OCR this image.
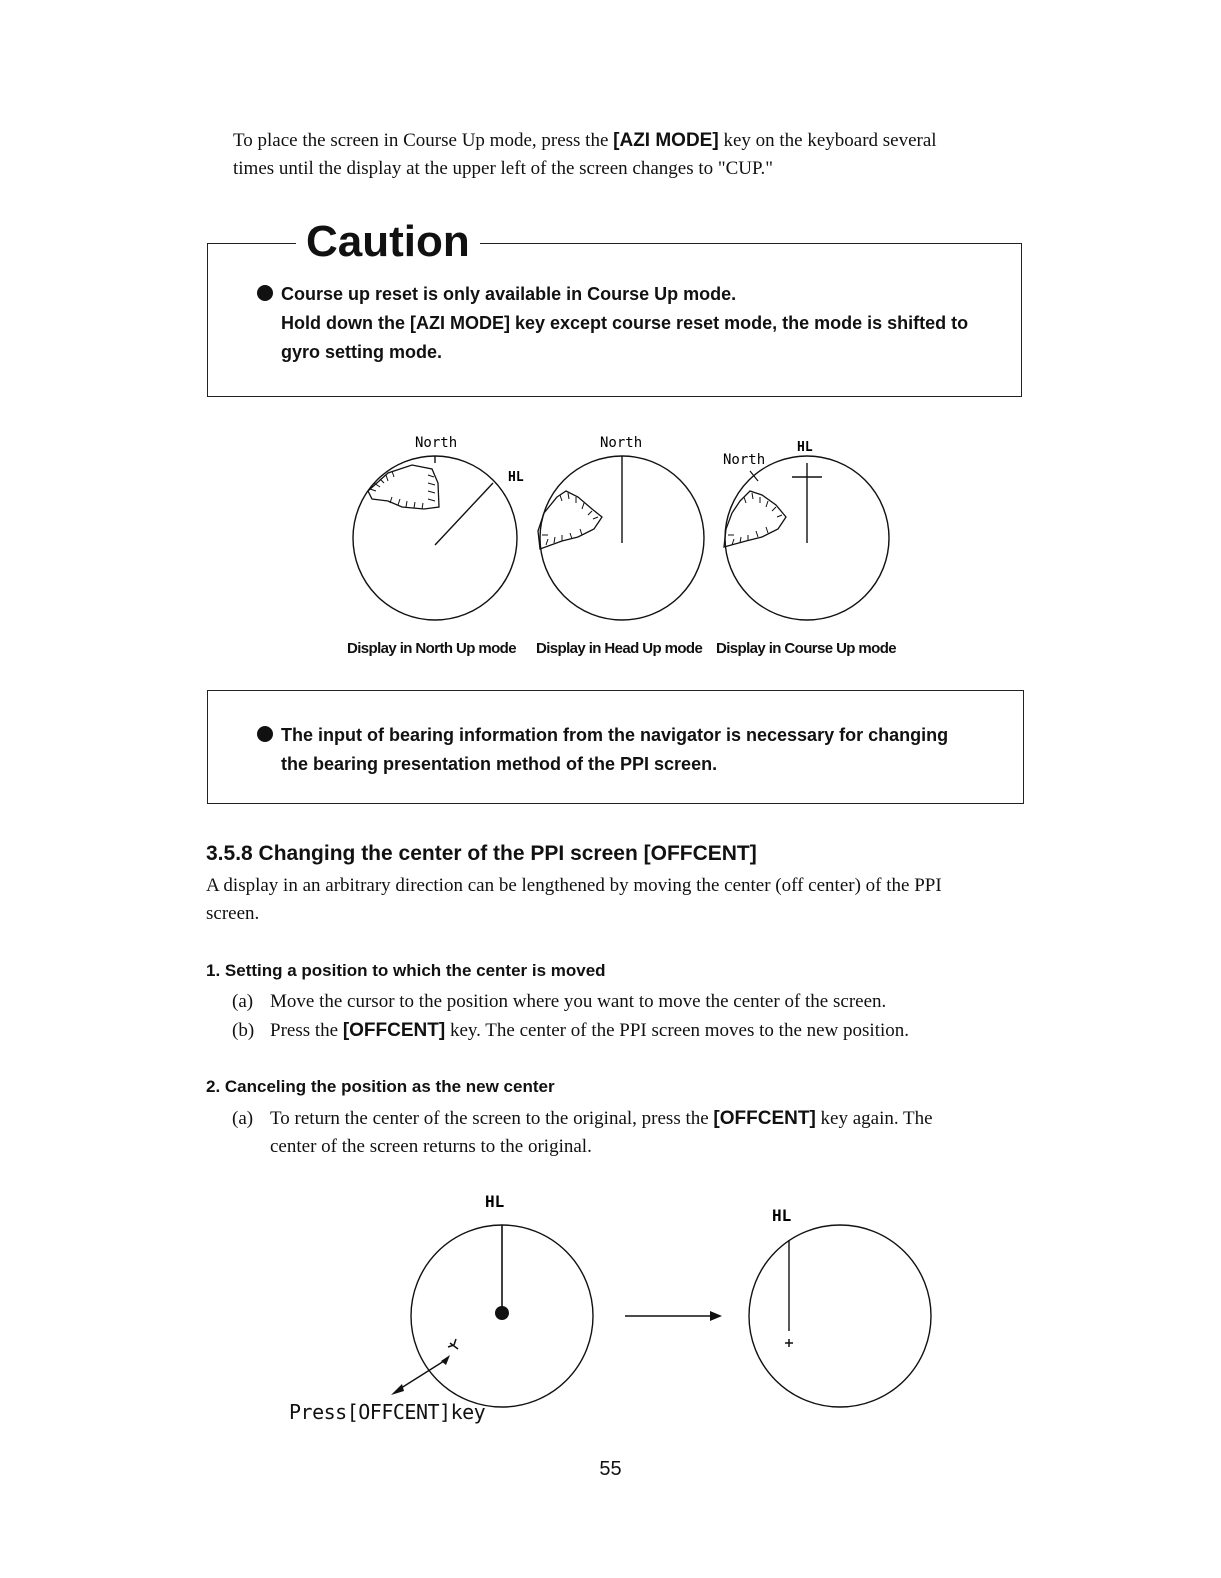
To place the screen in Course Up mode, press the [AZI MODE] key on the keyboard several
times until the display at the upper left of the screen changes to "CUP."
Caution
Course up reset is only available in Course Up mode.
Hold down the [AZI MODE] key except course reset mode, the mode is shifted to
gyro setting mode.
North
HL
North
North
HL
Display in North Up mode Display in Head Up mode Display in Course Up mode
The input of bearing information from the navigator is necessary for changing
the bearing presentation method of the PPI screen.
3.5.8 Changing the center of the PPI screen [OFFCENT]
A display in an arbitrary direction can be lengthened by moving the center (off center) of the PPI
screen.
1. Setting a position to which the center is moved
(a) Move the cursor to the position where you want to move the center of the screen.
(b) Press the [OFFCENT] key. The center of the PPI screen moves to the new position.
2. Canceling the position as the new center
(a) To return the center of the screen to the original, press the [OFFCENT] key again. The
center of the screen returns to the original.
HL
HL
Press[OFFCENT]key
55
